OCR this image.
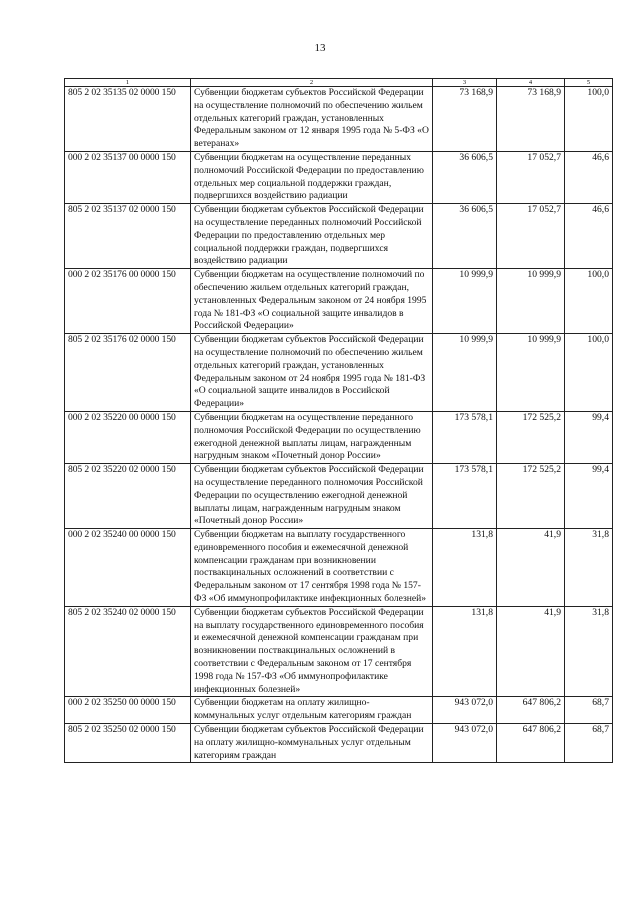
13
1	2	3	4	5
805 2 02 35135 02 0000 150	Субвенции бюджетам субъектов Российской Федерации на осуществление полномочий по обеспечению жильем отдельных категорий граждан, установленных Федеральным законом от 12 января 1995 года № 5-ФЗ «О ветеранах»	73 168,9	73 168,9	100,0
000 2 02 35137 00 0000 150	Субвенции бюджетам на осуществление переданных полномочий Российской Федерации по предоставлению отдельных мер социальной поддержки граждан, подвергшихся воздействию радиации	36 606,5	17 052,7	46,6
805 2 02 35137 02 0000 150	Субвенции бюджетам субъектов Российской Федерации на осуществление переданных полномочий Российской Федерации по предоставлению отдельных мер социальной поддержки граждан, подвергшихся воздействию радиации	36 606,5	17 052,7	46,6
000 2 02 35176 00 0000 150	Субвенции бюджетам на осуществление полномочий по обеспечению жильем отдельных категорий граждан, установленных Федеральным законом от 24 ноября 1995 года № 181-ФЗ «О социальной защите инвалидов в Российской Федерации»	10 999,9	10 999,9	100,0
805 2 02 35176 02 0000 150	Субвенции бюджетам субъектов Российской Федерации на осуществление полномочий по обеспечению жильем отдельных категорий граждан, установленных Федеральным законом от 24 ноября 1995 года № 181-ФЗ «О социальной защите инвалидов в Российской Федерации»	10 999,9	10 999,9	100,0
000 2 02 35220 00 0000 150	Субвенции бюджетам на осуществление переданного полномочия Российской Федерации по осуществлению ежегодной денежной выплаты лицам, награжденным нагрудным знаком «Почетный донор России»	173 578,1	172 525,2	99,4
805 2 02 35220 02 0000 150	Субвенции бюджетам субъектов Российской Федерации на осуществление переданного полномочия Российской Федерации по осуществлению ежегодной денежной выплаты лицам, награжденным нагрудным знаком «Почетный донор России»	173 578,1	172 525,2	99,4
000 2 02 35240 00 0000 150	Субвенции бюджетам на выплату государственного единовременного пособия и ежемесячной денежной компенсации гражданам при возникновении поствакцинальных осложнений в соответствии с Федеральным законом от 17 сентября 1998 года № 157-ФЗ «Об иммунопрофилактике инфекционных болезней»	131,8	41,9	31,8
805 2 02 35240 02 0000 150	Субвенции бюджетам субъектов Российской Федерации на выплату государственного единовременного пособия и ежемесячной денежной компенсации гражданам при возникновении поствакцинальных осложнений в соответствии с Федеральным законом от 17 сентября 1998 года № 157-ФЗ «Об иммунопрофилактике инфекционных болезней»	131,8	41,9	31,8
000 2 02 35250 00 0000 150	Субвенции бюджетам на оплату жилищно-коммунальных услуг отдельным категориям граждан	943 072,0	647 806,2	68,7
805 2 02 35250 02 0000 150	Субвенции бюджетам субъектов Российской Федерации на оплату жилищно-коммунальных услуг отдельным категориям граждан	943 072,0	647 806,2	68,7
